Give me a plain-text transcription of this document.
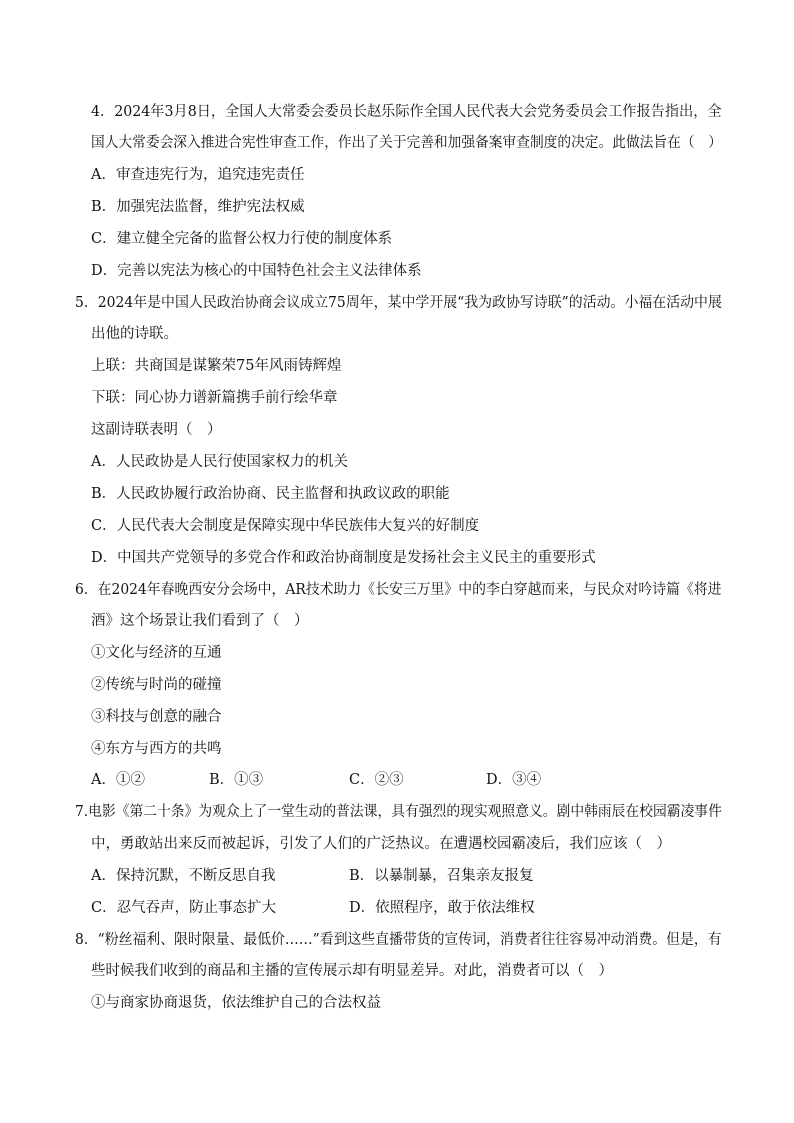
4．2024年3月8日，全国人大常委会委员长赵乐际作全国人民代表大会党务委员会工作报告指出，全
国人大常委会深入推进合宪性审查工作，作出了关于完善和加强备案审查制度的决定。此做法旨在（　）
A．审查违宪行为，追究违宪责任
B．加强宪法监督，维护宪法权威
C．建立健全完备的监督公权力行使的制度体系
D．完善以宪法为核心的中国特色社会主义法律体系
5．2024年是中国人民政治协商会议成立75周年，某中学开展“我为政协写诗联”的活动。小福在活动中展
出他的诗联。
上联：共商国是谋繁荣75年风雨铸辉煌
下联：同心协力谱新篇携手前行绘华章
这副诗联表明（　）
A．人民政协是人民行使国家权力的机关
B．人民政协履行政治协商、民主监督和执政议政的职能
C．人民代表大会制度是保障实现中华民族伟大复兴的好制度
D．中国共产党领导的多党合作和政治协商制度是发扬社会主义民主的重要形式
6．在2024年春晚西安分会场中，AR技术助力《长安三万里》中的李白穿越而来，与民众对吟诗篇《将进
酒》这个场景让我们看到了（　）
①文化与经济的互通
②传统与时尚的碰撞
③科技与创意的融合
④东方与西方的共鸣
A．①②	B．①③	C．②③	D．③④
7.电影《第二十条》为观众上了一堂生动的普法课，具有强烈的现实观照意义。剧中韩雨辰在校园霸凌事件
中，勇敢站出来反而被起诉，引发了人们的广泛热议。在遭遇校园霸凌后，我们应该（　）
A．保持沉默，不断反思自我	B．以暴制暴，召集亲友报复
C．忍气吞声，防止事态扩大	D．依照程序，敢于依法维权
8．“粉丝福利、限时限量、最低价……”看到这些直播带货的宣传词，消费者往往容易冲动消费。但是，有
些时候我们收到的商品和主播的宣传展示却有明显差异。对此，消费者可以（　）
①与商家协商退货，依法维护自己的合法权益
